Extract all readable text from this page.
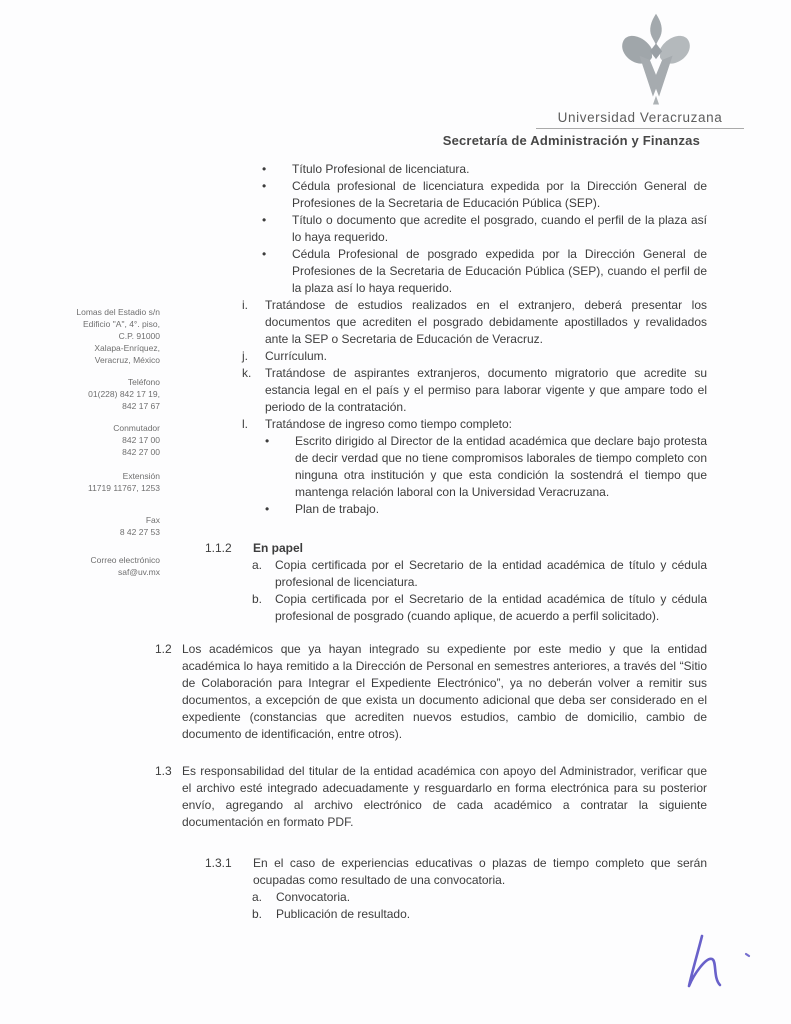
Universidad Veracruzana
Secretaría de Administración y Finanzas
Lomas del Estadio s/n
Edificio "A", 4°. piso,
C.P. 91000
Xalapa-Enríquez,
Veracruz, México
Teléfono
01(228) 842 17 19,
842 17 67
Conmutador
842 17 00
842 27 00
Extensión
11719 11767, 1253
Fax
8 42 27 53
Correo electrónico
saf@uv.mx
• Título Profesional de licenciatura.
• Cédula profesional de licenciatura expedida por la Dirección General de Profesiones de la Secretaria de Educación Pública (SEP).
• Título o documento que acredite el posgrado, cuando el perfil de la plaza así lo haya requerido.
• Cédula Profesional de posgrado expedida por la Dirección General de Profesiones de la Secretaria de Educación Pública (SEP), cuando el perfil de la plaza así lo haya requerido.
i. Tratándose de estudios realizados en el extranjero, deberá presentar los documentos que acrediten el posgrado debidamente apostillados y revalidados ante la SEP o Secretaria de Educación de Veracruz.
j. Currículum.
k. Tratándose de aspirantes extranjeros, documento migratorio que acredite su estancia legal en el país y el permiso para laborar vigente y que ampare todo el periodo de la contratación.
l. Tratándose de ingreso como tiempo completo:
• Escrito dirigido al Director de la entidad académica que declare bajo protesta de decir verdad que no tiene compromisos laborales de tiempo completo con ninguna otra institución y que esta condición la sostendrá el tiempo que mantenga relación laboral con la Universidad Veracruzana.
• Plan de trabajo.
1.1.2 En papel
a. Copia certificada por el Secretario de la entidad académica de título y cédula profesional de licenciatura.
b. Copia certificada por el Secretario de la entidad académica de título y cédula profesional de posgrado (cuando aplique, de acuerdo a perfil solicitado).
1.2 Los académicos que ya hayan integrado su expediente por este medio y que la entidad académica lo haya remitido a la Dirección de Personal en semestres anteriores, a través del “Sitio de Colaboración para Integrar el Expediente Electrónico”, ya no deberán volver a remitir sus documentos, a excepción de que exista un documento adicional que deba ser considerado en el expediente (constancias que acrediten nuevos estudios, cambio de domicilio, cambio de documento de identificación, entre otros).
1.3 Es responsabilidad del titular de la entidad académica con apoyo del Administrador, verificar que el archivo esté integrado adecuadamente y resguardarlo en forma electrónica para su posterior envío, agregando al archivo electrónico de cada académico a contratar la siguiente documentación en formato PDF.
1.3.1 En el caso de experiencias educativas o plazas de tiempo completo que serán ocupadas como resultado de una convocatoria.
a. Convocatoria.
b. Publicación de resultado.
